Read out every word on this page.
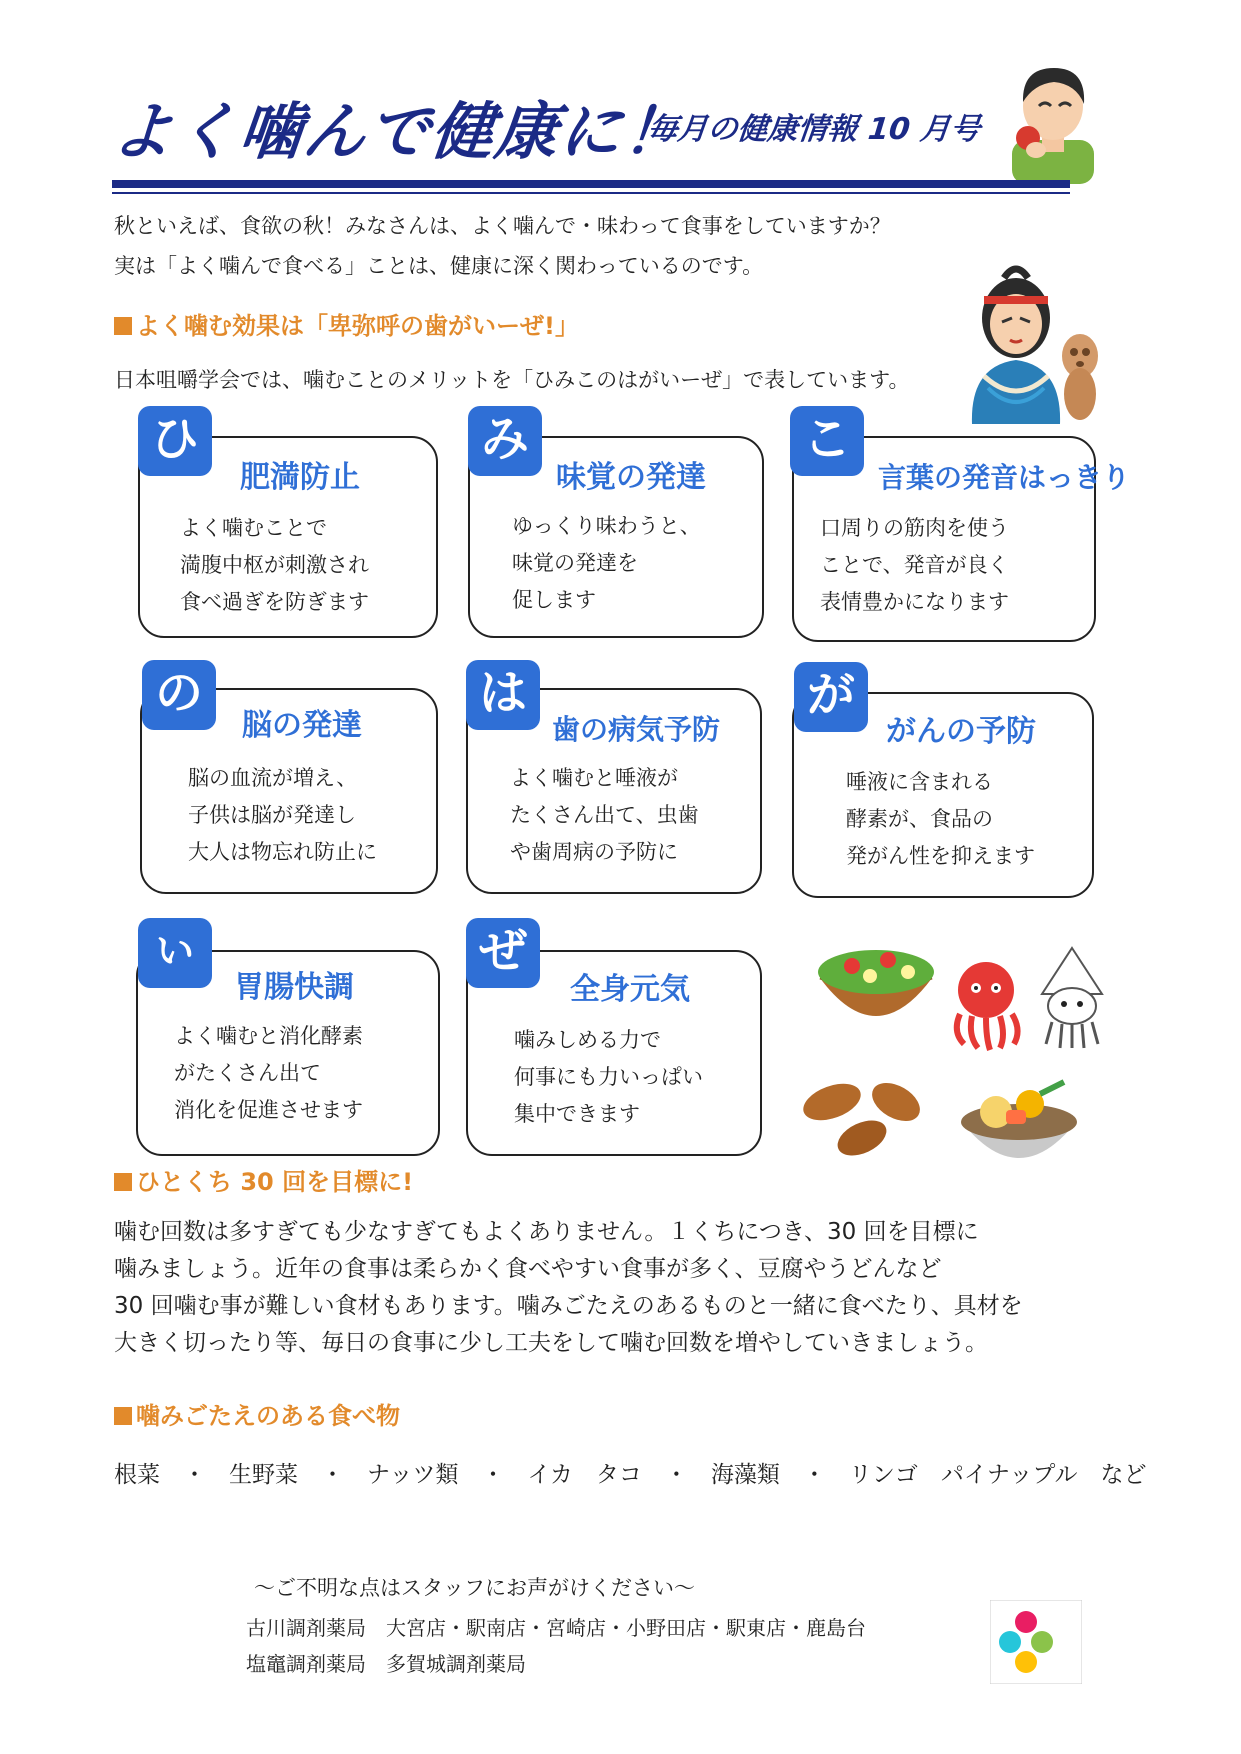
よく噛んで健康に！
毎月の健康情報 10 月号
秋といえば、食欲の秋！みなさんは、よく噛んで・味わって食事をしていますか？
実は「よく噛んで食べる」ことは、健康に深く関わっているのです。
よく噛む効果は「卑弥呼の歯がいーぜ!」
日本咀嚼学会では、噛むことのメリットを「ひみこのはがいーぜ」で表しています。
よく噛むことで
満腹中枢が刺激され
食べ過ぎを防ぎます
ひ
肥満防止
ゆっくり味わうと、
味覚の発達を
促します
み
味覚の発達
口周りの筋肉を使う
ことで、発音が良く
表情豊かになります
こ
言葉の発音はっきり
脳の血流が増え、
子供は脳が発達し
大人は物忘れ防止に
の
脳の発達
よく噛むと唾液が
たくさん出て、虫歯
や歯周病の予防に
は
歯の病気予防
唾液に含まれる
酵素が、食品の
発がん性を抑えます
が
がんの予防
よく噛むと消化酵素
がたくさん出て
消化を促進させます
いー
胃腸快調
噛みしめる力で
何事にも力いっぱい
集中できます
ぜ
全身元気
ひとくち 30 回を目標に!
噛む回数は多すぎても少なすぎてもよくありません。１くちにつき、30 回を目標に
噛みましょう。近年の食事は柔らかく食べやすい食事が多く、豆腐やうどんなど
30 回噛む事が難しい食材もあります。噛みごたえのあるものと一緒に食べたり、具材を
大きく切ったり等、毎日の食事に少し工夫をして噛む回数を増やしていきましょう。
噛みごたえのある食べ物
根菜　・　生野菜　・　ナッツ類　・　イカ　タコ　・　海藻類　・　リンゴ　パイナップル　など
～ご不明な点はスタッフにお声がけください～
古川調剤薬局　大宮店・駅南店・宮崎店・小野田店・駅東店・鹿島台
塩竈調剤薬局　多賀城調剤薬局
